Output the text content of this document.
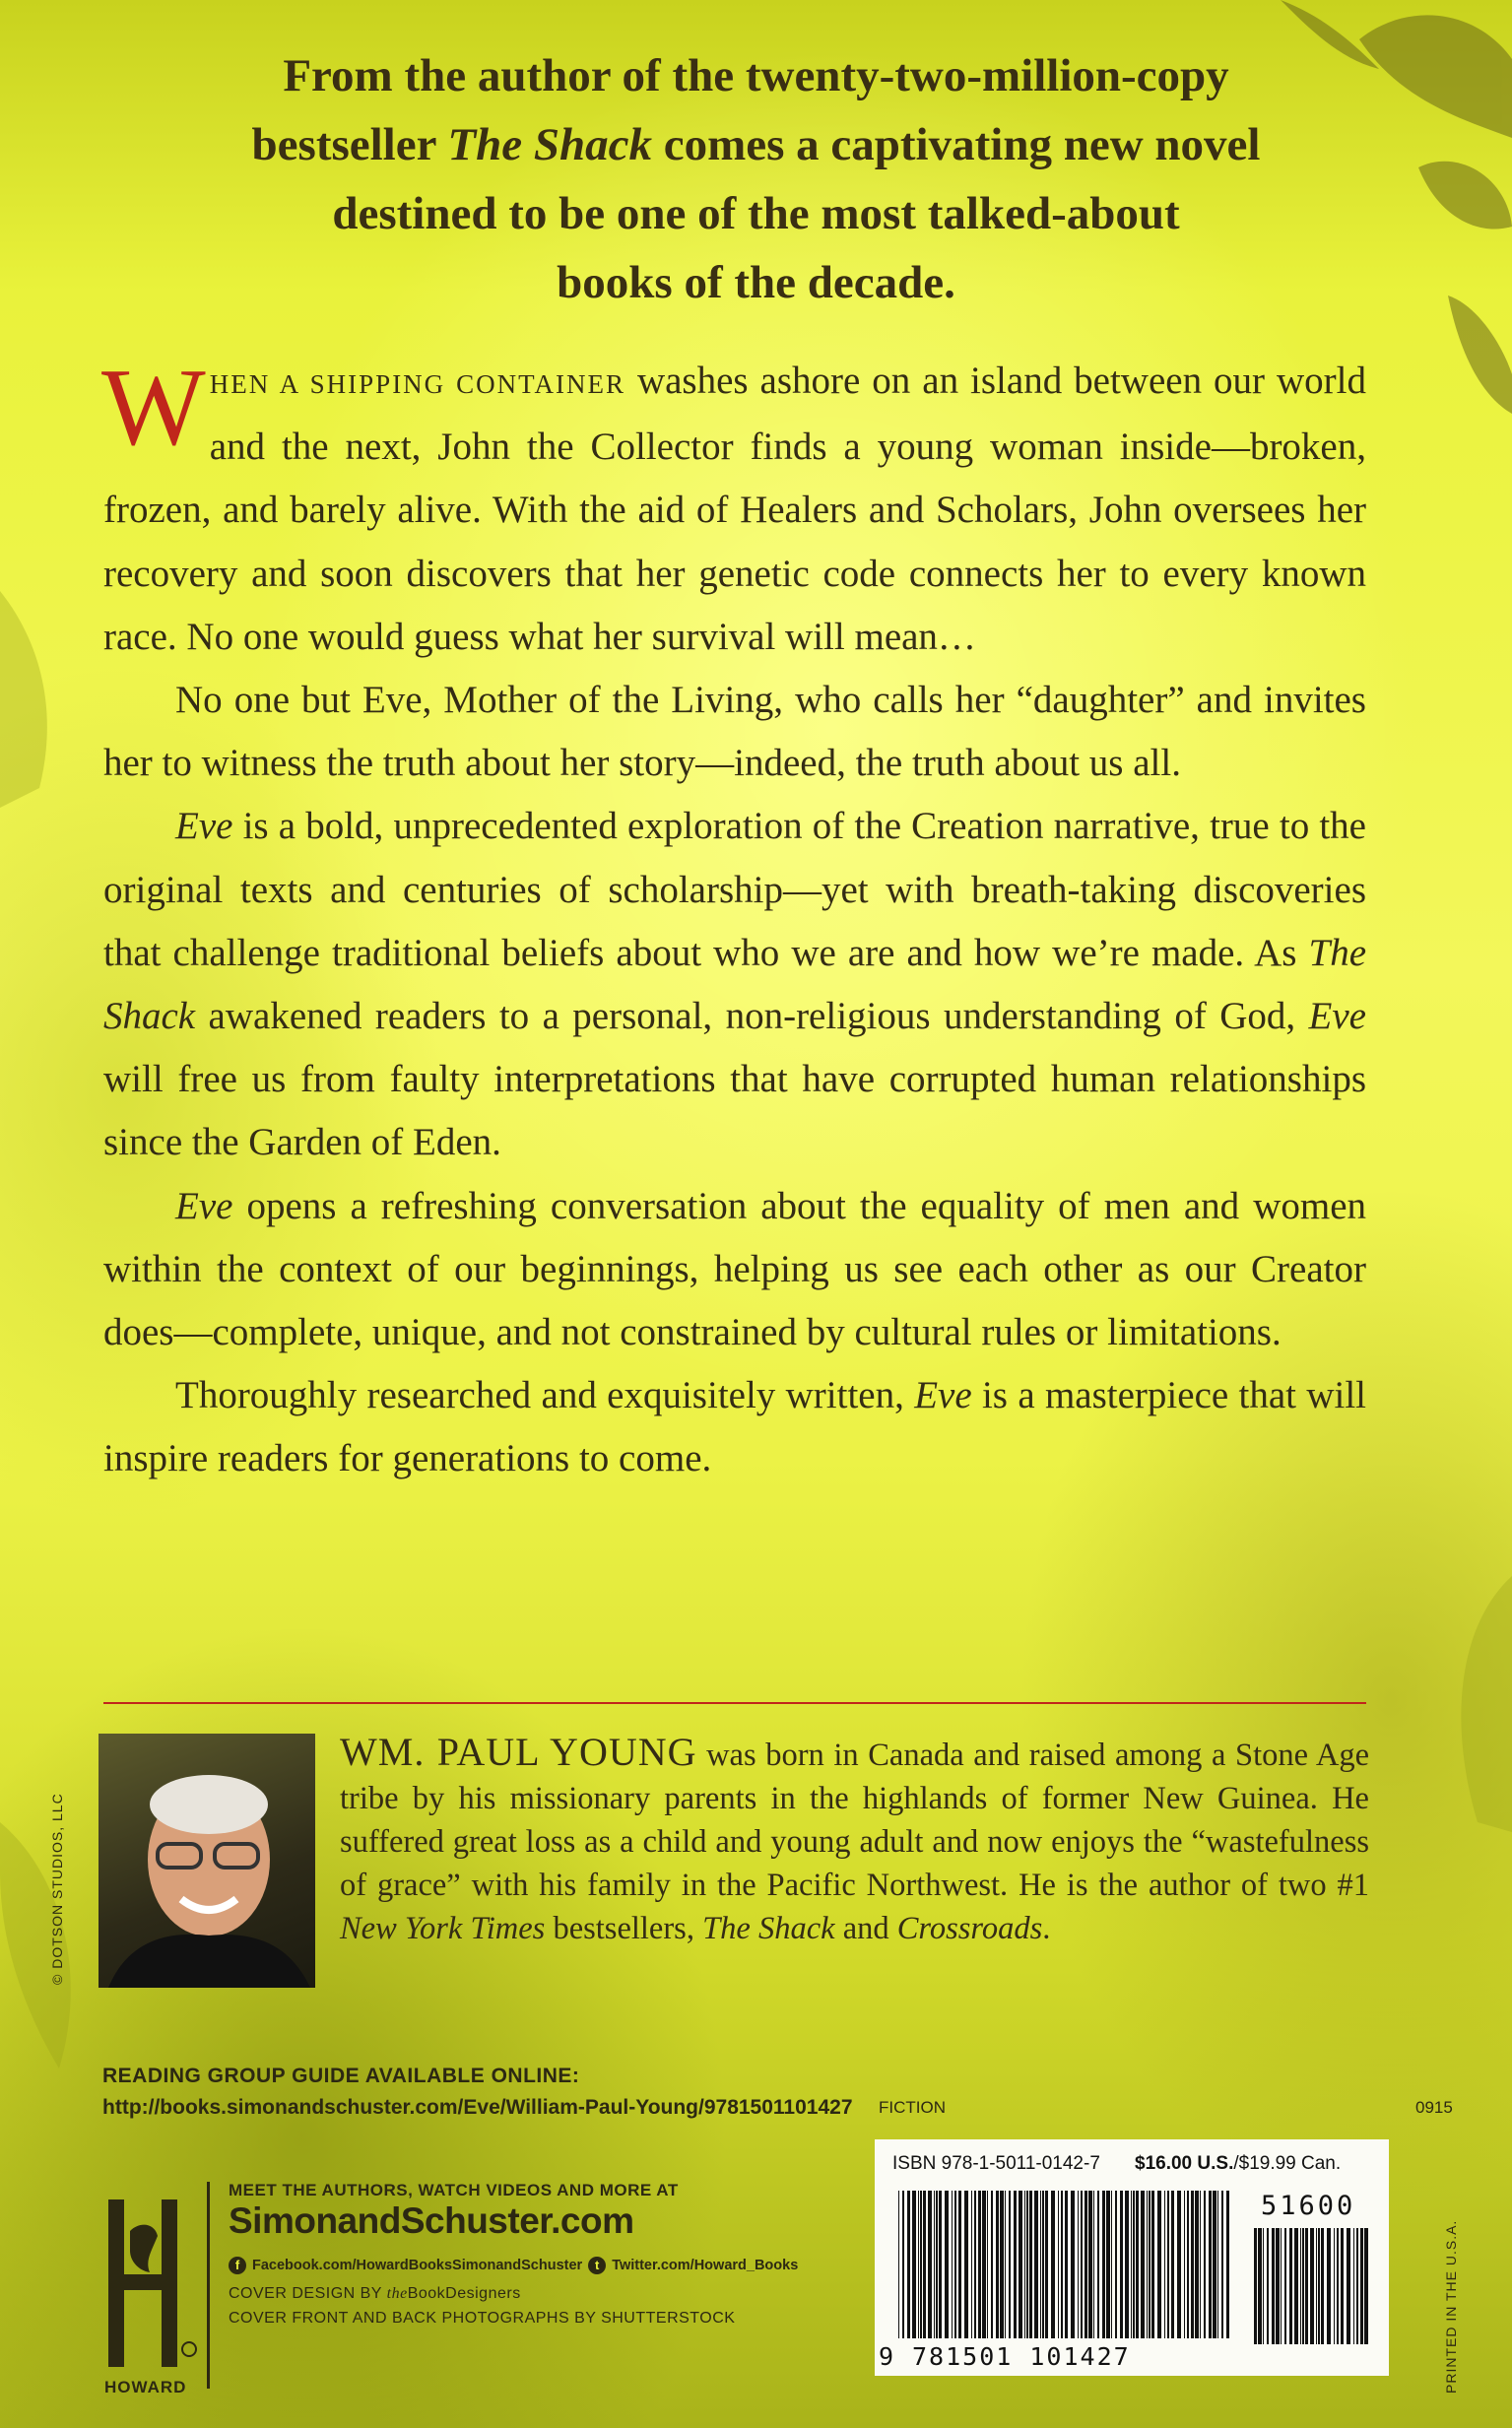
From the author of the twenty-two-million-copy
bestseller The Shack comes a captivating new novel
destined to be one of the most talked-about
books of the decade.

WHEN A SHIPPING CONTAINER washes ashore on an island between our world and the next, John the Collector finds a young woman inside—broken, frozen, and barely alive. With the aid of Healers and Scholars, John oversees her recovery and soon discovers that her genetic code connects her to every known race. No one would guess what her survival will mean…

No one but Eve, Mother of the Living, who calls her “daughter” and invites her to witness the truth about her story—indeed, the truth about us all.

Eve is a bold, unprecedented exploration of the Creation narrative, true to the original texts and centuries of scholarship—yet with breath-taking discoveries that challenge traditional beliefs about who we are and how we’re made. As The Shack awakened readers to a personal, non-religious understanding of God, Eve will free us from faulty interpretations that have corrupted human relationships since the Garden of Eden.

Eve opens a refreshing conversation about the equality of men and women within the context of our beginnings, helping us see each other as our Creator does—complete, unique, and not constrained by cultural rules or limitations.

Thoroughly researched and exquisitely written, Eve is a masterpiece that will inspire readers for generations to come.

© DOTSON STUDIOS, LLC
WM. PAUL YOUNG was born in Canada and raised among a Stone Age tribe by his missionary parents in the highlands of former New Guinea. He suffered great loss as a child and young adult and now enjoys the “wastefulness of grace” with his family in the Pacific Northwest. He is the author of two #1 New York Times bestsellers, The Shack and Crossroads.
READING GROUP GUIDE AVAILABLE ONLINE:
http://books.simonandschuster.com/Eve/William-Paul-Young/9781501101427 FICTION	0915
HOWARD
MEET THE AUTHORS, WATCH VIDEOS AND MORE AT
SimonandSchuster.com
f Facebook.com/HowardBooksSimonandSchuster t Twitter.com/Howard_Books
COVER DESIGN BY theBookDesigners
COVER FRONT AND BACK PHOTOGRAPHS BY SHUTTERSTOCK
ISBN 978-1-5011-0142-7 $16.00 U.S./$19.99 Can.
51600
9 781501 101427	PRINTED IN THE U.S.A.
